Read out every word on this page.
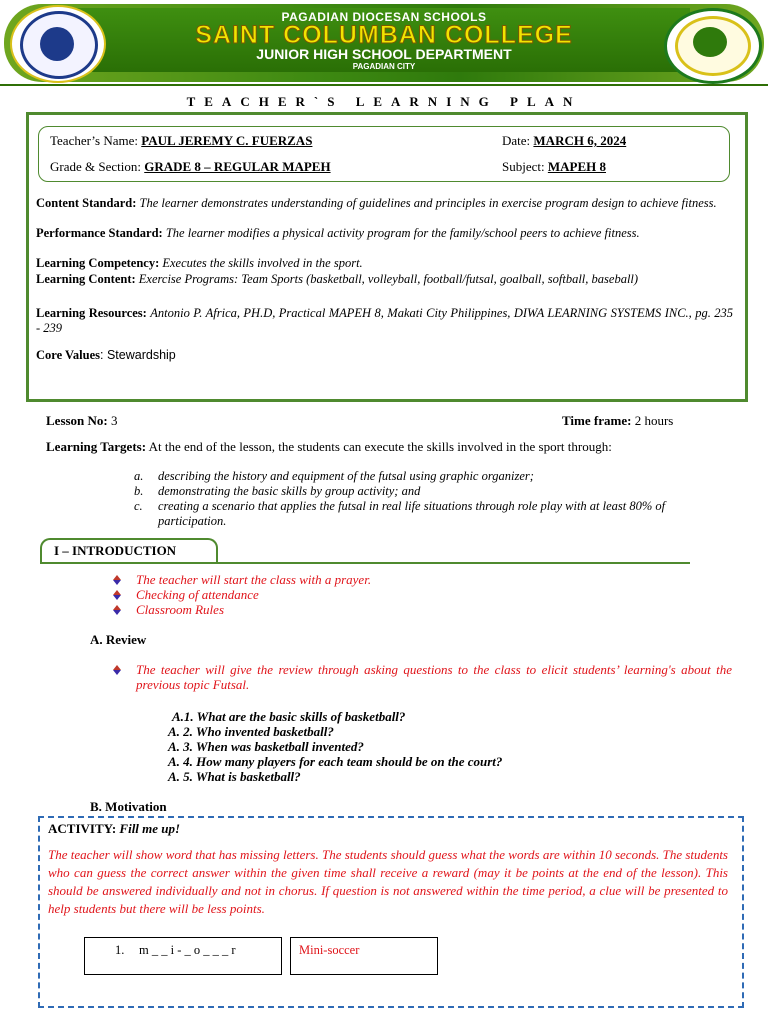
PAGADIAN DIOCESAN SCHOOLS
SAINT COLUMBAN COLLEGE
JUNIOR HIGH SCHOOL DEPARTMENT
PAGADIAN CITY
TEACHER`S LEARNING PLAN
Teacher’s Name: PAUL JEREMY C. FUERZAS	Date: MARCH 6, 2024
Grade & Section: GRADE 8 – REGULAR MAPEH	Subject: MAPEH 8
Content Standard: The learner demonstrates understanding of guidelines and principles in exercise program design to achieve fitness.
Performance Standard: The learner modifies a physical activity program for the family/school peers to achieve fitness.
Learning Competency: Executes the skills involved in the sport.
Learning Content: Exercise Programs: Team Sports (basketball, volleyball, football/futsal, goalball, softball, baseball)
Learning Resources: Antonio P. Africa, PH.D, Practical MAPEH 8, Makati City Philippines, DIWA LEARNING SYSTEMS INC., pg. 235 - 239
Core Values: Stewardship
Lesson No: 3	Time frame: 2 hours
Learning Targets: At the end of the lesson, the students can execute the skills involved in the sport through:
a. describing the history and equipment of the futsal using graphic organizer;
b. demonstrating the basic skills by group activity; and
c. creating a scenario that applies the futsal in real life situations through role play with at least 80% of participation.
I – INTRODUCTION
The teacher will start the class with a prayer.
Checking of attendance
Classroom Rules
A. Review
The teacher will give the review through asking questions to the class to elicit students’ learning's about the previous topic Futsal.
A.1. What are the basic skills of basketball?
A. 2. Who invented basketball?
A. 3. When was basketball invented?
A. 4. How many players for each team should be on the court?
A. 5. What is basketball?
B. Motivation
ACTIVITY: Fill me up!
The teacher will show word that has missing letters. The students should guess what the words are within 10 seconds. The students who can guess the correct answer within the given time shall receive a reward (may it be points at the end of the lesson). This should be answered individually and not in chorus. If question is not answered within the time period, a clue will be presented to help students but there will be less points.
1. m _ _ i - _ o _ _ _ r	Mini-soccer
